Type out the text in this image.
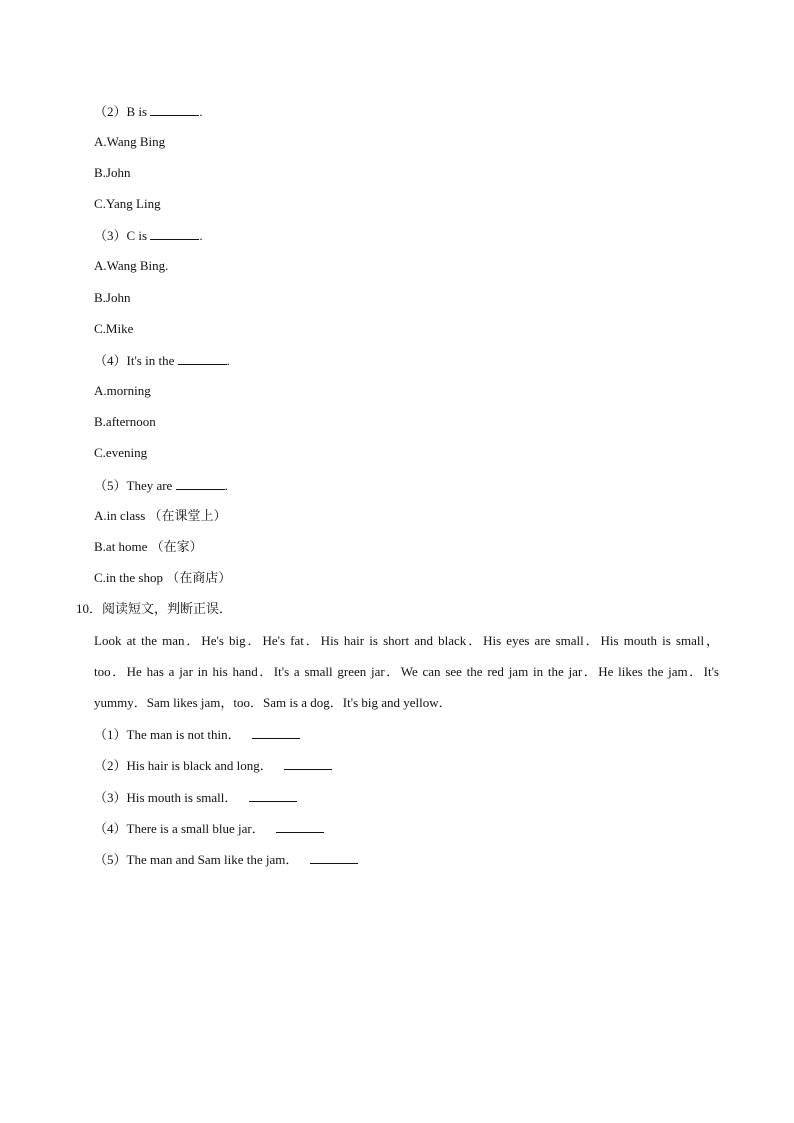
（2）B is	.
A.Wang Bing
B.John
C.Yang Ling
（3）C is	.
A.Wang Bing.
B.John
C.Mike
（4）It's in the	.
A.morning
B.afternoon
C.evening
（5）They are	.
A.in class （在课堂上）
B.at home （在家）
C.in the shop （在商店）
10．阅读短文，判断正误．
Look at the man．He's big．He's fat．His hair is short and black．His eyes are small．His mouth is small，
too．He has a jar in his hand．It's a small green jar．We can see the red jam in the jar．He likes the jam．It's
yummy．Sam likes jam，too．Sam is a dog．It's big and yellow．
（1）The man is not thin．
（2）His hair is black and long．
（3）His mouth is small．
（4）There is a small blue jar．
（5）The man and Sam like the jam．
